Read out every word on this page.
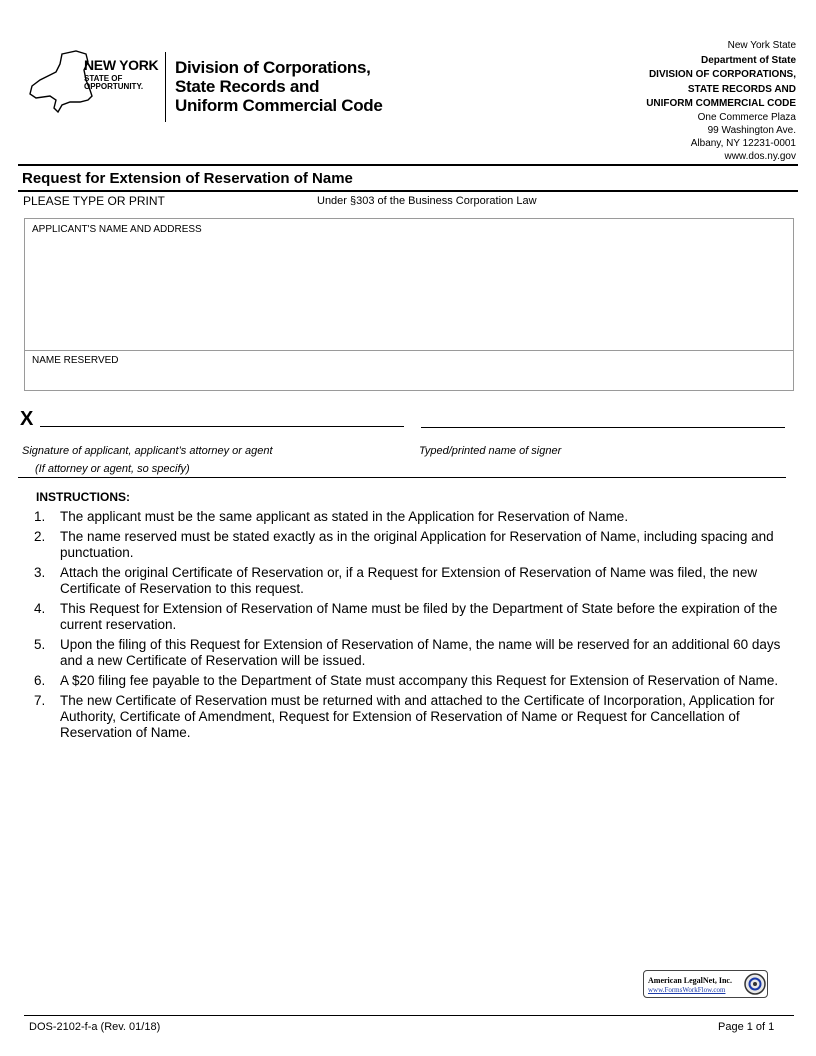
NEW YORK
STATE OF
OPPORTUNITY.
Division of Corporations,
State Records and
Uniform Commercial Code
New York State
Department of State
DIVISION OF CORPORATIONS,
STATE RECORDS AND
UNIFORM COMMERCIAL CODE
One Commerce Plaza
99 Washington Ave.
Albany, NY 12231-0001
www.dos.ny.gov
Request for Extension of Reservation of Name
PLEASE TYPE OR PRINT	Under §303 of the Business Corporation Law
APPLICANT'S NAME AND ADDRESS
NAME RESERVED
X
Signature of applicant, applicant’s attorney or agent
(If attorney or agent, so specify)
Typed/printed name of signer
INSTRUCTIONS:
1.	The applicant must be the same applicant as stated in the Application for Reservation of Name.
2.	The name reserved must be stated exactly as in the original Application for Reservation of Name, including spacing and punctuation.
3.	Attach the original Certificate of Reservation or, if a Request for Extension of Reservation of Name was filed, the new Certificate of Reservation to this request.
4.	This Request for Extension of Reservation of Name must be filed by the Department of State before the expiration of the current reservation.
5.	Upon the filing of this Request for Extension of Reservation of Name, the name will be reserved for an additional 60 days and a new Certificate of Reservation will be issued.
6.	A $20 filing fee payable to the Department of State must accompany this Request for Extension of Reservation of Name.
7.	The new Certificate of Reservation must be returned with and attached to the Certificate of Incorporation, Application for Authority, Certificate of Amendment, Request for Extension of Reservation of Name or Request for Cancellation of Reservation of Name.
American LegalNet, Inc.
www.FormsWorkFlow.com
DOS-2102-f-a (Rev. 01/18)	Page 1 of 1
